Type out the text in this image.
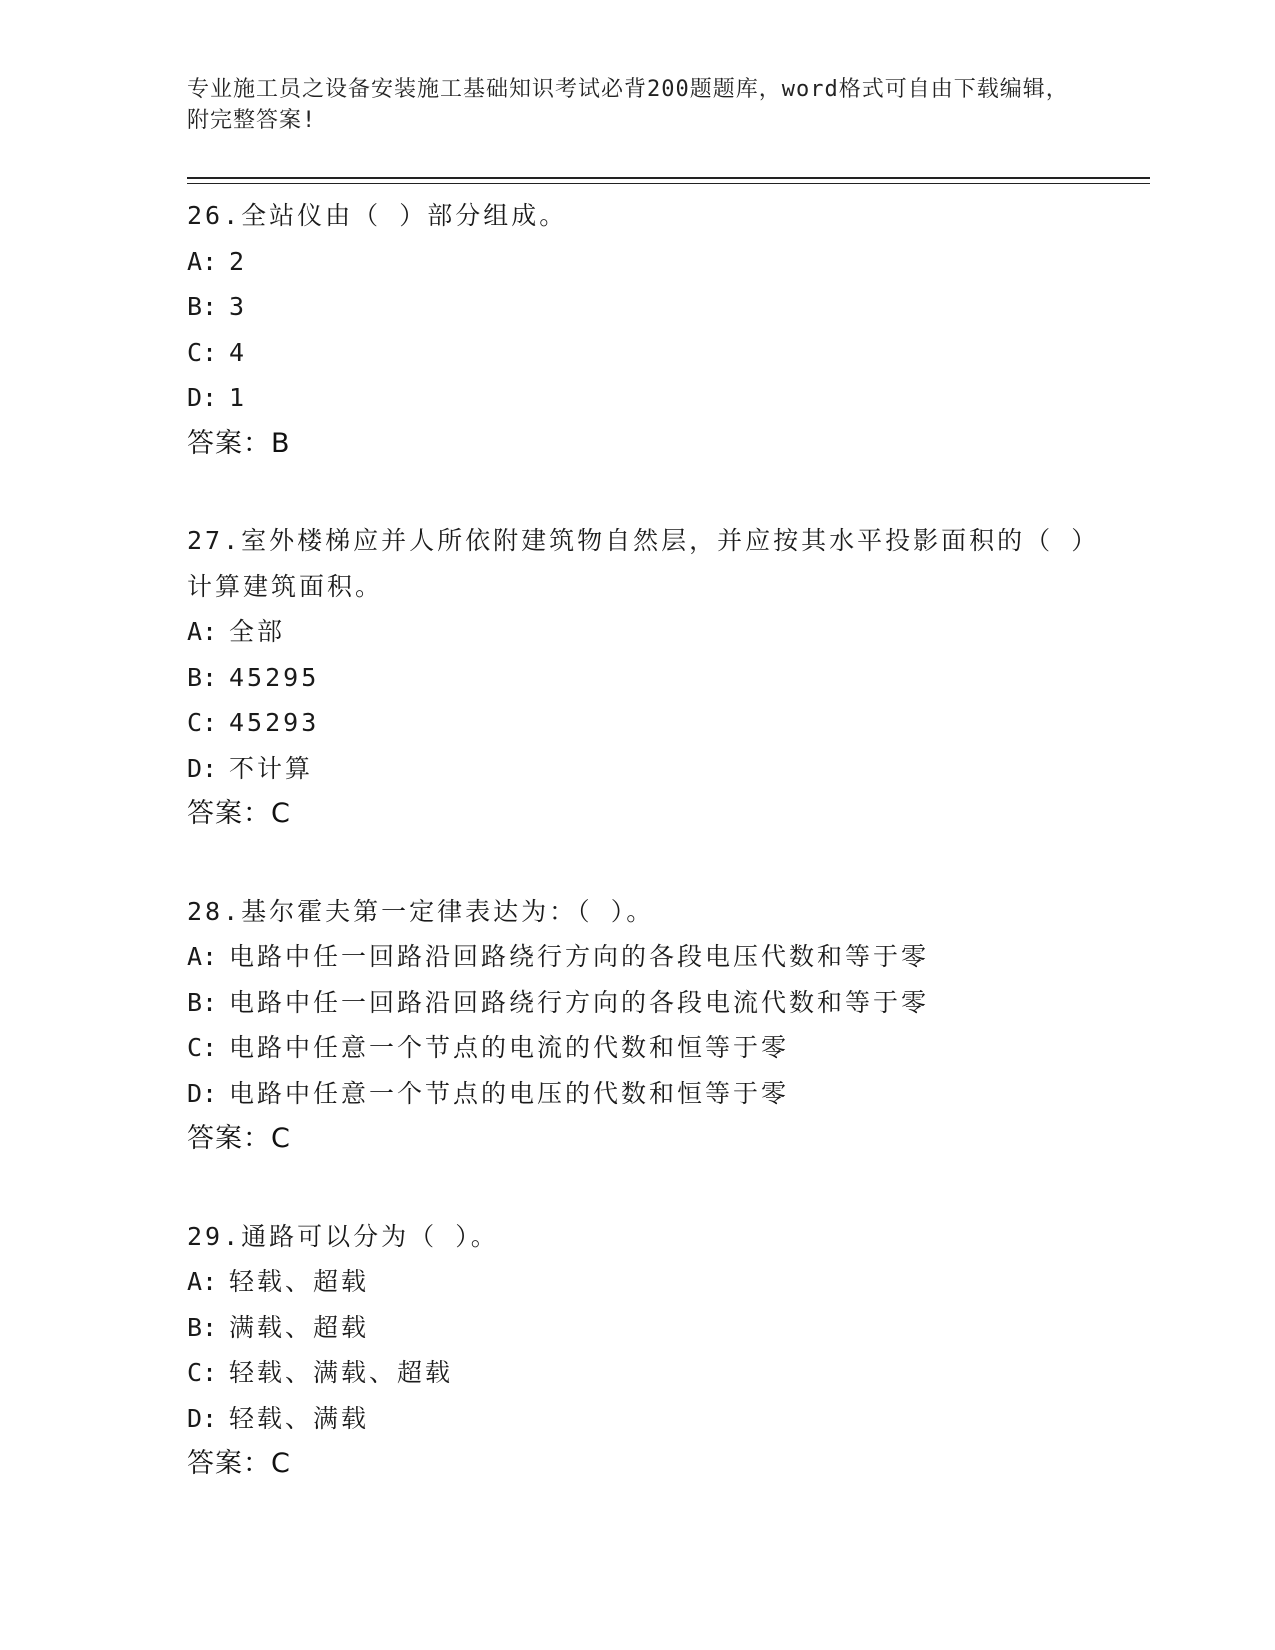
专业施工员之设备安装施工基础知识考试必背200题题库，word格式可自由下载编辑，附完整答案!
26.全站仪由（ ）部分组成。
A: 2
B: 3
C: 4
D: 1
答案：B
27.室外楼梯应并人所依附建筑物自然层，并应按其水平投影面积的（ ）计算建筑面积。
A: 全部
B: 45295
C: 45293
D: 不计算
答案：C
28.基尔霍夫第一定律表达为：（ ）。
A: 电路中任一回路沿回路绕行方向的各段电压代数和等于零
B: 电路中任一回路沿回路绕行方向的各段电流代数和等于零
C: 电路中任意一个节点的电流的代数和恒等于零
D: 电路中任意一个节点的电压的代数和恒等于零
答案：C
29.通路可以分为（ ）。
A: 轻载、超载
B: 满载、超载
C: 轻载、满载、超载
D: 轻载、满载
答案：C
